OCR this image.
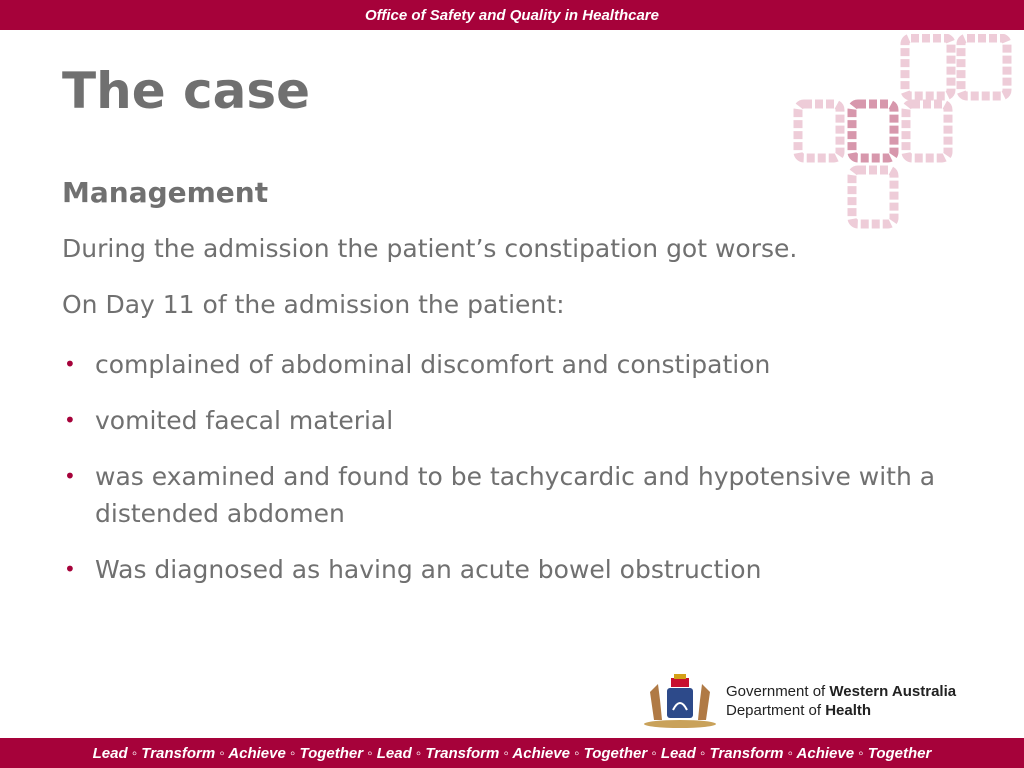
Office of Safety and Quality in Healthcare
The case
Management

During the admission the patient’s constipation got worse.

On Day 11 of the admission the patient:

• complained of abdominal discomfort and constipation
• vomited faecal material
• was examined and found to be tachycardic and hypotensive with a distended abdomen
• Was diagnosed as having an acute bowel obstruction
Government of Western Australia
Department of Health
Lead ◦ Transform ◦ Achieve ◦ Together ◦ Lead ◦ Transform ◦ Achieve ◦ Together ◦ Lead ◦ Transform ◦ Achieve ◦ Together
